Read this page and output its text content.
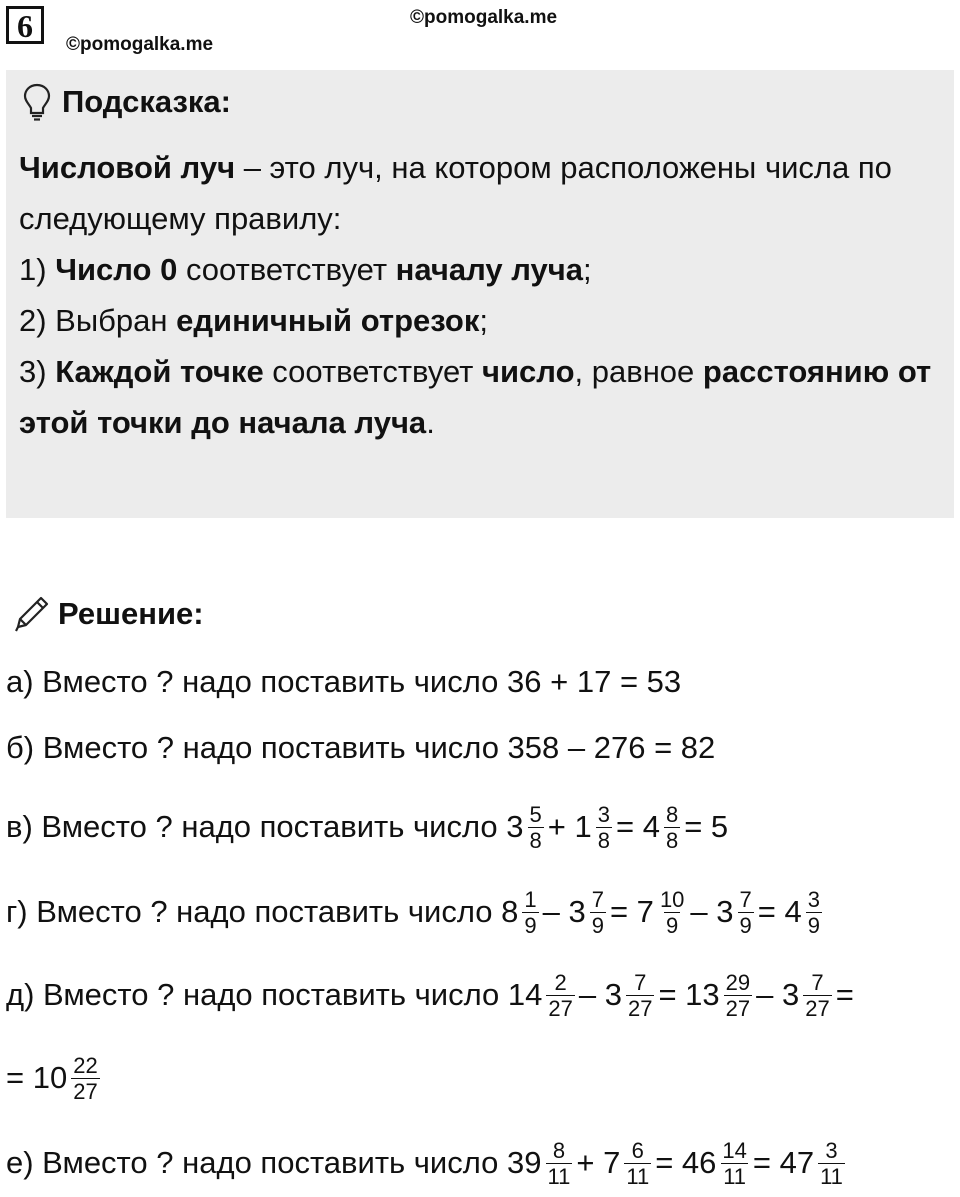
6	©pomogalka.me
©pomogalka.me
Подсказка:
Числовой луч – это луч, на котором расположены числа по следующему правилу:
1) Число 0 соответствует началу луча;
2) Выбран единичный отрезок;
3) Каждой точке соответствует число, равное расстоянию от этой точки до начала луча.
Решение:
а) Вместо ? надо поставить число 36 + 17 = 53
б) Вместо ? надо поставить число 358 – 276 = 82
в) Вместо ? надо поставить число $3 \frac{5}{8} + 1 \frac{3}{8} = 4 \frac{8}{8} = 5$
г) Вместо ? надо поставить число $8 \frac{1}{9} - 3 \frac{7}{9} = 7 \frac{10}{9} - 3 \frac{7}{9} = 4 \frac{3}{9}$
д) Вместо ? надо поставить число $14 \frac{2}{27} - 3 \frac{7}{27} = 13 \frac{29}{27} - 3 \frac{7}{27}$ =
= $10 \frac{22}{27}$
е) Вместо ? надо поставить число $39 \frac{8}{11} + 7 \frac{6}{11} = 46 \frac{14}{11} = 47 \frac{3}{11}$
